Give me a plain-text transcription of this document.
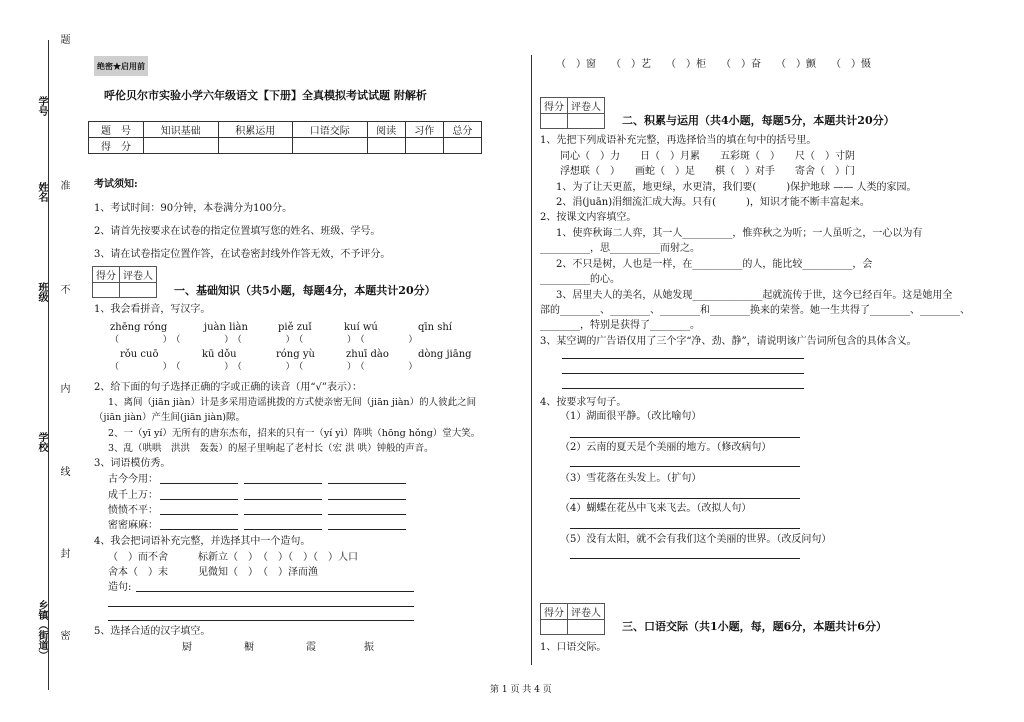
题
准
不
内
线
封
密
学号
姓名
班级
学校
乡镇（街道）
绝密★启用前
呼伦贝尔市实验小学六年级语文【下册】全真模拟考试试题 附解析
题　号	知识基础	积累运用	口语交际	阅读	习作	总分
得　分						
考试须知:
1、考试时间：90分钟，本卷满分为100分。
2、请首先按要求在试卷的指定位置填写您的姓名、班级、学号。
3、请在试卷指定位置作答，在试卷密封线外作答无效，不予评分。
得分	评卷人

一、基础知识（共5小题，每题4分，本题共计20分）
1、我会看拼音，写汉字。
zhēng róng	juàn liàn	piě zuǐ	kuí wú	qīn shí
（　　　　　）　（　　　　　）　（　　　　　）　（　　　　　）　（　　　　　）
rǒu cuō	kū dǒu	róng yù	zhuī dào	dòng jiāng
（　　　　　）　（　　　　　）　（　　　　　）　（　　　　　）　（　　　　　）
2、给下面的句子选择正确的字或正确的读音（用“√”表示）：
1、离间（jiān jiàn）计是多采用造谣挑拨的方式使亲密无间（jiān jiàn）的人彼此之间
（jiān jiàn）产生间(jiān jiàn)隙。
2、一（yī yí）无所有的唐东杰布，招来的只有一（yí yì）阵哄（hōng hǒng）堂大笑。
3、乱（哄哄　洪洪　轰轰）的屋子里响起了老村长（宏 洪 哄）钟般的声音。
3、词语模仿秀。
古今今用：
成千上万：
愤愤不平：
密密麻麻：
4、我会把词语补充完整，并选择其中一个造句。
（　）而不舍　　　标新立（　）　（　）（　）（　）人口
舍本（　）末　　　见微知（　）　（　）泽而渔
造句:
5、选择合适的汉字填空。
厨	橱	霞	振
（　）窗　　（　）艺　　（　）柜　　（　）奋　　（　）颤　　（　）慑
得分	评卷人

二、积累与运用（共4小题，每题5分，本题共计20分）
1、先把下列成语补充完整，再选择恰当的填在句中的括号里。
同心（　）力　　日（　）月累　　五彩斑（　）　　尺（　）寸阴
浮想联（　）　　画蛇（　）足　　棋（　）对手　　寄舍（　）门
1、为了让天更蓝，地更绿，水更清，我们要(　　　)保护地球 —— 人类的家园。
2、涓(juān)涓细流汇成大海。只有(　　　)，知识才能不断丰富起来。
2、按课文内容填空。
1、使弈秋诲二人弈，其一人__________，惟弈秋之为听；一人虽听之，一心以为有
__________，思__________而射之。
2、不只是树，人也是一样，在__________的人，能比较__________，会
__________的心。
3、居里夫人的美名，从她发现______________起就流传于世，这今已经百年。这是她用全
部的________、________、________和________换来的荣誉。她一生共得了________、________、
________，特别是获得了________。
3、某空调的广告语仅用了三个字“净、劲、静”，请说明该广告词所包含的具体含义。
4、按要求写句子。
（1）湖面很平静。（改比喻句）
（2）云南的夏天是个美丽的地方。（修改病句）
（3）雪花落在头发上。（扩句）
（4）蝴蝶在花丛中飞来飞去。（改拟人句）
（5）没有太阳，就不会有我们这个美丽的世界。（改反问句）
得分	评卷人

三、口语交际（共1小题，每，题6分，本题共计6分）
1、口语交际。
第 1 页 共 4 页
